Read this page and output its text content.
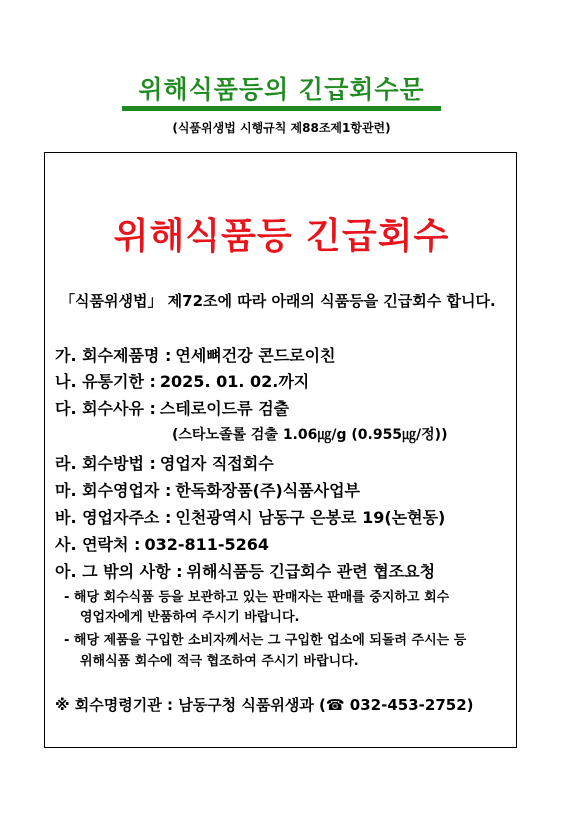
위해식품등의 긴급회수문
(식품위생법 시행규칙 제88조제1항관련)
위해식품등 긴급회수
「식품위생법」 제72조에 따라 아래의 식품등을 긴급회수 합니다.
가. 회수제품명 : 연세뼈건강 콘드로이친
나. 유통기한 : 2025. 01. 02.까지
다. 회수사유 : 스테로이드류 검출
(스타노졸롤 검출 1.06㎍/g (0.955㎍/정))
라. 회수방법 : 영업자 직접회수
마. 회수영업자 : 한독화장품(주)식품사업부
바. 영업자주소 : 인천광역시 남동구 은봉로 19(논현동)
사. 연락처 : 032-811-5264
아. 그 밖의 사항 : 위해식품등 긴급회수 관련 협조요청
- 해당 회수식품 등을 보관하고 있는 판매자는 판매를 중지하고 회수
영업자에게 반품하여 주시기 바랍니다.
- 해당 제품을 구입한 소비자께서는 그 구입한 업소에 되돌려 주시는 등
위해식품 회수에 적극 협조하여 주시기 바랍니다.
※ 회수명령기관 : 남동구청 식품위생과 (☎ 032-453-2752)
